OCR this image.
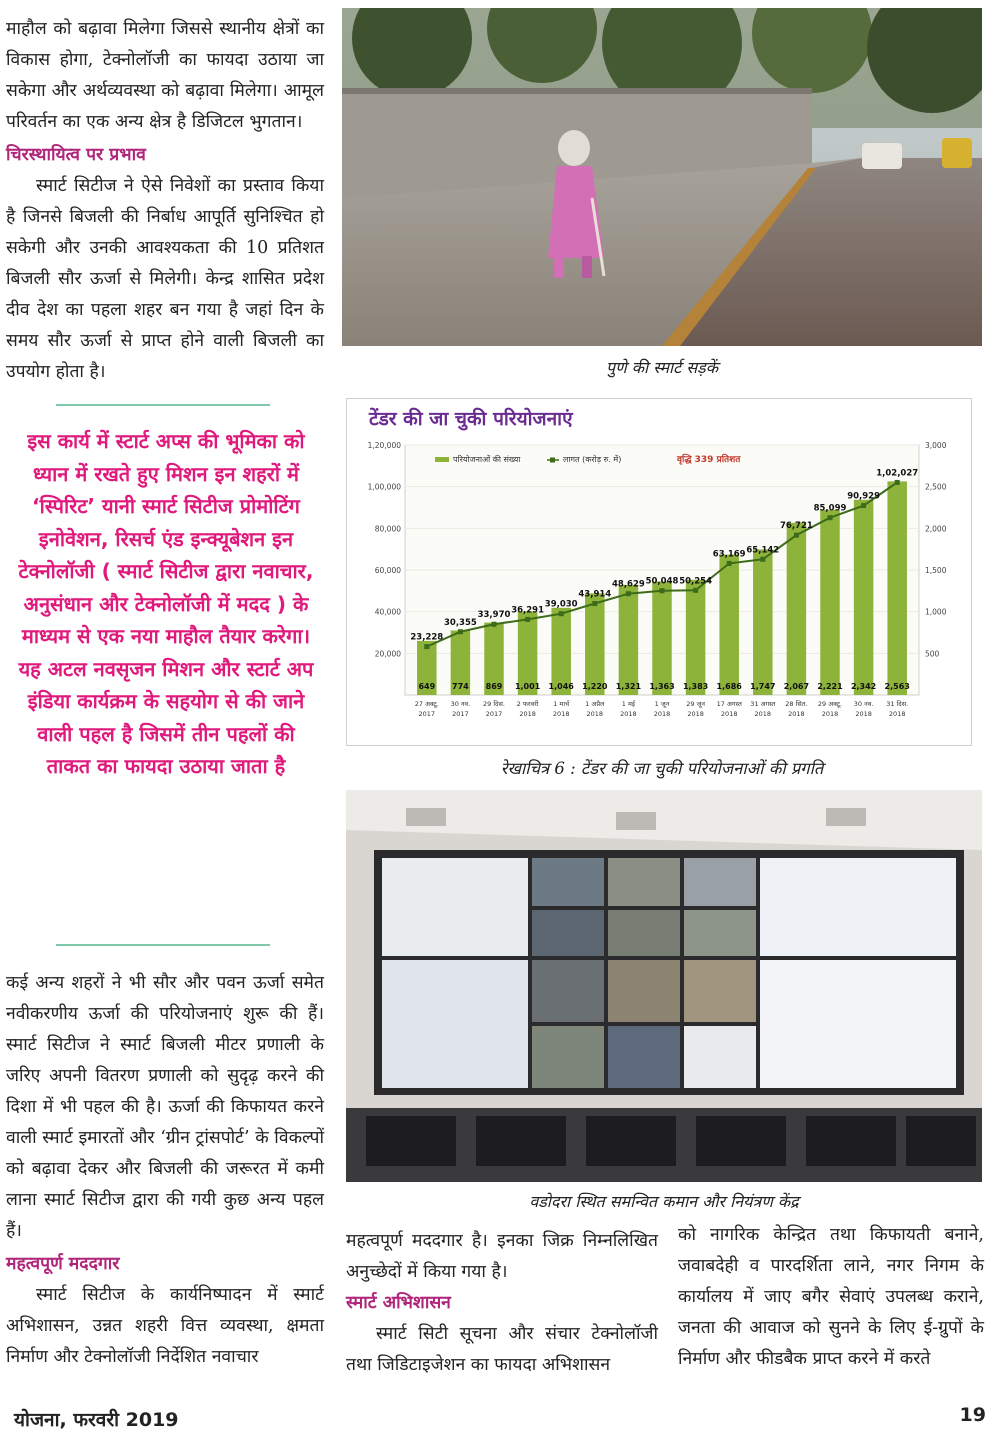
माहौल को बढ़ावा मिलेगा जिससे स्थानीय क्षेत्रों का विकास होगा, टेक्नोलॉजी का फायदा उठाया जा सकेगा और अर्थव्यवस्था को बढ़ावा मिलेगा। आमूल परिवर्तन का एक अन्य क्षेत्र है डिजिटल भुगतान।

चिरस्थायित्व पर प्रभाव

स्मार्ट सिटीज ने ऐसे निवेशों का प्रस्ताव किया है जिनसे बिजली की निर्बाध आपूर्ति सुनिश्चित हो सकेगी और उनकी आवश्यकता की 10 प्रतिशत बिजली सौर ऊर्जा से मिलेगी। केन्द्र शासित प्रदेश दीव देश का पहला शहर बन गया है जहां दिन के समय सौर ऊर्जा से प्राप्त होने वाली बिजली का उपयोग होता है।

इस कार्य में स्टार्ट अप्स की भूमिका को ध्यान में रखते हुए मिशन इन शहरों में ‘स्पिरिट’ यानी स्मार्ट सिटीज प्रोमोटिंग इनोवेशन, रिसर्च एंड इन्क्यूबेशन इन टेक्नोलॉजी ( स्मार्ट सिटीज द्वारा नवाचार, अनुसंधान और टेक्नोलॉजी में मदद ) के माध्यम से एक नया माहौल तैयार करेगा। यह अटल नवसृजन मिशन और स्टार्ट अप इंडिया कार्यक्रम के सहयोग से की जाने वाली पहल है जिसमें तीन पहलों की ताकत का फायदा उठाया जाता है

कई अन्य शहरों ने भी सौर और पवन ऊर्जा समेत नवीकरणीय ऊर्जा की परियोजनाएं शुरू की हैं। स्मार्ट सिटीज ने स्मार्ट बिजली मीटर प्रणाली के जरिए अपनी वितरण प्रणाली को सुदृढ़ करने की दिशा में भी पहल की है। ऊर्जा की किफायत करने वाली स्मार्ट इमारतों और ‘ग्रीन ट्रांसपोर्ट’ के विकल्पों को बढ़ावा देकर और बिजली की जरूरत में कमी लाना स्मार्ट सिटीज द्वारा की गयी कुछ अन्य पहल हैं।

महत्वपूर्ण मददगार

स्मार्ट सिटीज के कार्यनिष्पादन में स्मार्ट अभिशासन, उन्नत शहरी वित्त व्यवस्था, क्षमता निर्माण और टेक्नोलॉजी निर्देशित नवाचार

पुणे की स्मार्ट सड़कें
टेंडर की जा चुकी परियोजनाएं
20,000
40,000
60,000
80,000
1,00,000
1,20,000
500
1,000
1,500
2,000
2,500
3,000
परियोजनाओं की संख्या	लागत (करोड़ रु. में)	वृद्धि 339 प्रतिशत
649
27 अक्टू.
2017
774
30 नव.
2017
869
29 दिस.
2017
1,001
2 फरवरी
2018
1,046
1 मार्च
2018
1,220
1 अप्रैल
2018
1,321
1 मई
2018
1,363
1 जून
2018
1,383
29 जून
2018
1,686
17 अगस्त
2018
1,747
31 अगस्त
2018
2,067
28 सित.
2018
2,221
29 अक्टू.
2018
2,342
30 नव.
2018
2,563
31 दिस.
2018
23,228
30,355
33,970 36,291
39,030
43,914
48,629 50,048 50,254
63,169 65,142
76,721
85,099
90,929
1,02,027
रेखाचित्र 6 : टेंडर की जा चुकी परियोजनाओं की प्रगति
वडोदरा स्थित समन्वित कमान और नियंत्रण केंद्र

महत्वपूर्ण मददगार है। इनका जिक्र निम्नलिखित अनुच्छेदों में किया गया है।

स्मार्ट अभिशासन

स्मार्ट सिटी सूचना और संचार टेक्नोलॉजी तथा जिडिटाइजेशन का फायदा अभिशासन

को नागरिक केन्द्रित तथा किफायती बनाने, जवाबदेही व पारदर्शिता लाने, नगर निगम के कार्यालय में जाए बगैर सेवाएं उपलब्ध कराने, जनता की आवाज को सुनने के लिए ई-ग्रुपों के निर्माण और फीडबैक प्राप्त करने में करते

योजना, फरवरी 2019	19
